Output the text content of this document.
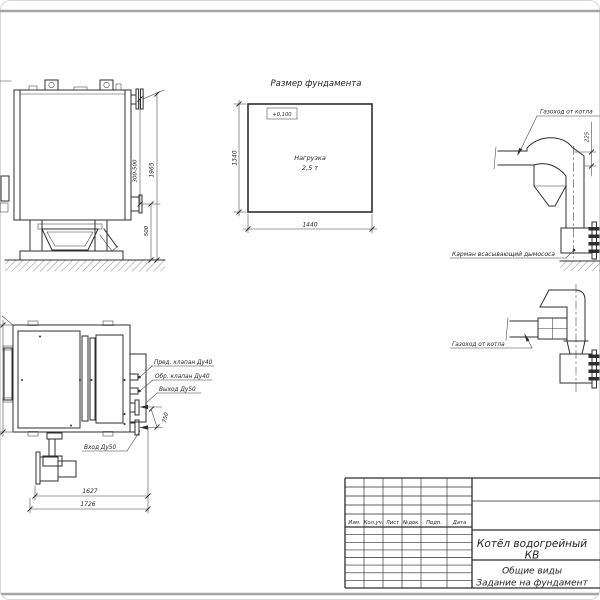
300-500 1965
500
Размер фундамента
+0,100
Нагрузка
2,5 т
1340
1440
Газоход от котла
Карман всасывающий дымососа
225
Газоход от котла
750
Пред. клапан Ду40
Обр. клапан Ду40
Выход Ду50
Вход Ду50
1627
1726
Изм. Кол.уч. Лист №док. Подп. Дата
Котёл водогрейный
КВ
Общие виды
Задание на фундамент
